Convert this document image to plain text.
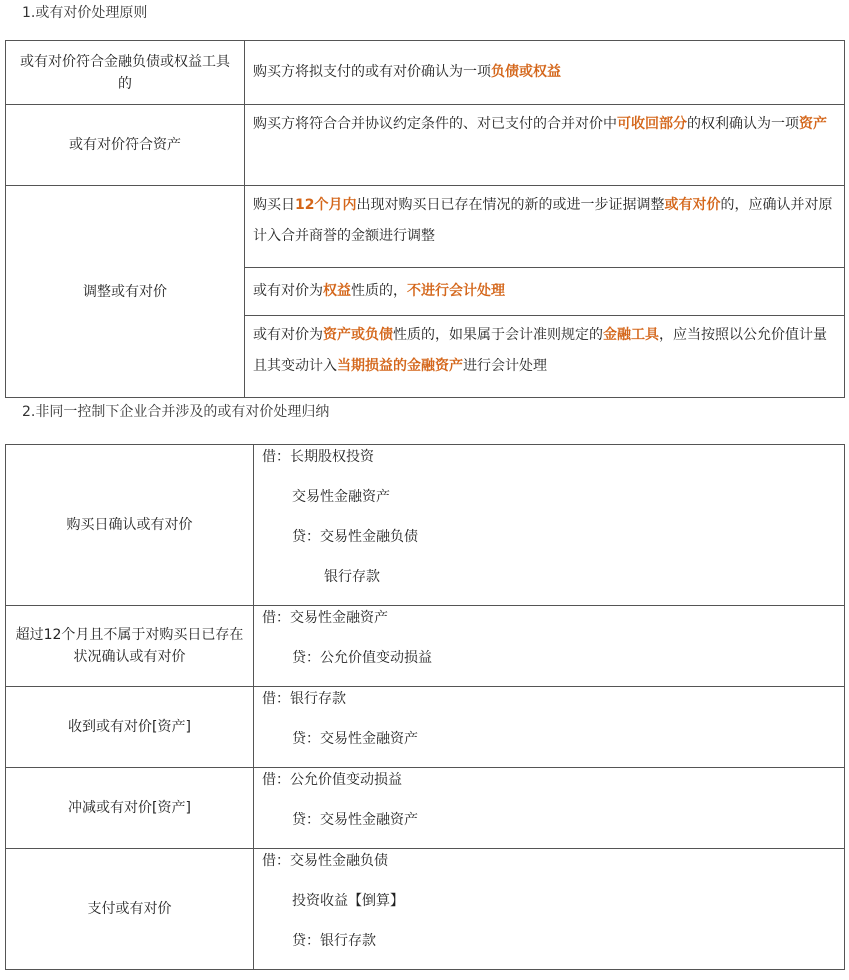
1.或有对价处理原则
或有对价符合金融负债或权益工具的	购买方将拟支付的或有对价确认为一项负债或权益
或有对价符合资产	购买方将符合合并协议约定条件的、对已支付的合并对价中可收回部分的权利确认为一项资产
调整或有对价	购买日12个月内出现对购买日已存在情况的新的或进一步证据调整或有对价的，应确认并对原计入合并商誉的金额进行调整
	或有对价为权益性质的，不进行会计处理
	或有对价为资产或负债性质的，如果属于会计准则规定的金融工具，应当按照以公允价值计量且其变动计入当期损益的金融资产进行会计处理
2.非同一控制下企业合并涉及的或有对价处理归纳
购买日确认或有对价	借：长期股权投资
交易性金融资产
贷：交易性金融负债
银行存款

超过12个月且不属于对购买日已存在状况确认或有对价	借：交易性金融资产
贷：公允价值变动损益

收到或有对价[资产]	借：银行存款
贷：交易性金融资产

冲减或有对价[资产]	借：公允价值变动损益
贷：交易性金融资产

支付或有对价	借：交易性金融负债
投资收益【倒算】
贷：银行存款
